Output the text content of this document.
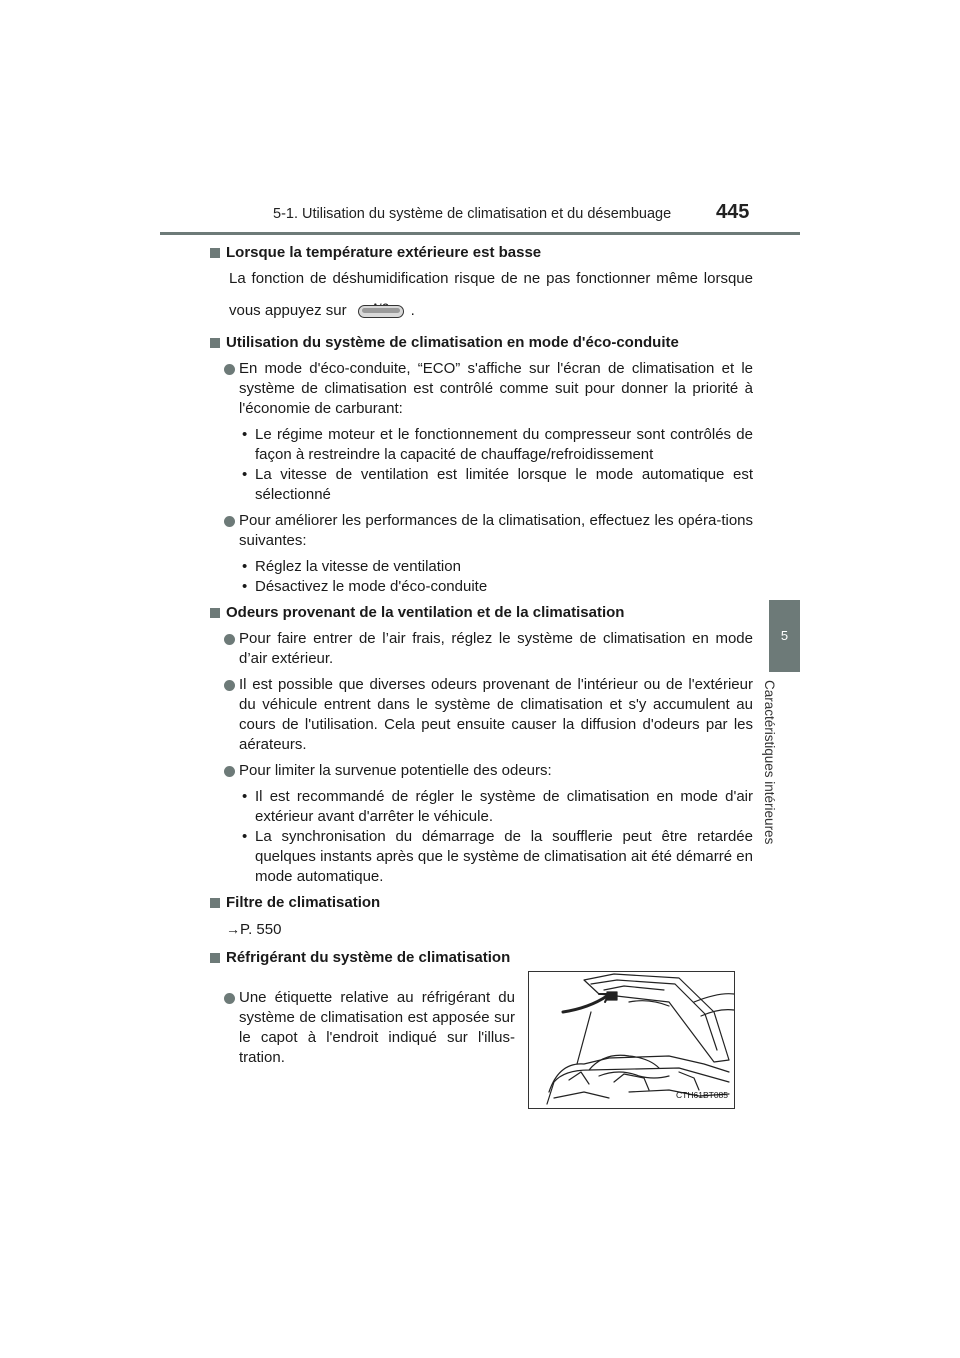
5-1. Utilisation du système de climatisation et du désembuage 445
5
Caractéristiques intérieures
Lorsque la température extérieure est basse
La fonction de déshumidification risque de ne pas fonctionner même lorsque vous appuyez sur	.
Utilisation du système de climatisation en mode d'éco-conduite
En mode d'éco-conduite, “ECO” s'affiche sur l'écran de climatisation et le système de climatisation est contrôlé comme suit pour donner la priorité à l'économie de carburant:
• Le régime moteur et le fonctionnement du compresseur sont contrôlés de façon à restreindre la capacité de chauffage/refroidissement
• La vitesse de ventilation est limitée lorsque le mode automatique est sélectionné
Pour améliorer les performances de la climatisation, effectuez les opéra-tions suivantes:
• Réglez la vitesse de ventilation
• Désactivez le mode d'éco-conduite
Odeurs provenant de la ventilation et de la climatisation
Pour faire entrer de l’air frais, réglez le système de climatisation en mode d’air extérieur.
Il est possible que diverses odeurs provenant de l'intérieur ou de l'extérieur du véhicule entrent dans le système de climatisation et s'y accumulent au cours de l'utilisation. Cela peut ensuite causer la diffusion d'odeurs par les aérateurs.
Pour limiter la survenue potentielle des odeurs:
• Il est recommandé de régler le système de climatisation en mode d'air extérieur avant d'arrêter le véhicule.
• La synchronisation du démarrage de la soufflerie peut être retardée quelques instants après que le système de climatisation ait été démarré en mode automatique.
Filtre de climatisation
→P. 550
Réfrigérant du système de climatisation
Une étiquette relative au réfrigérant du système de climatisation est apposée sur le capot à l'endroit indiqué sur l'illus-tration.
CTH61BT085
